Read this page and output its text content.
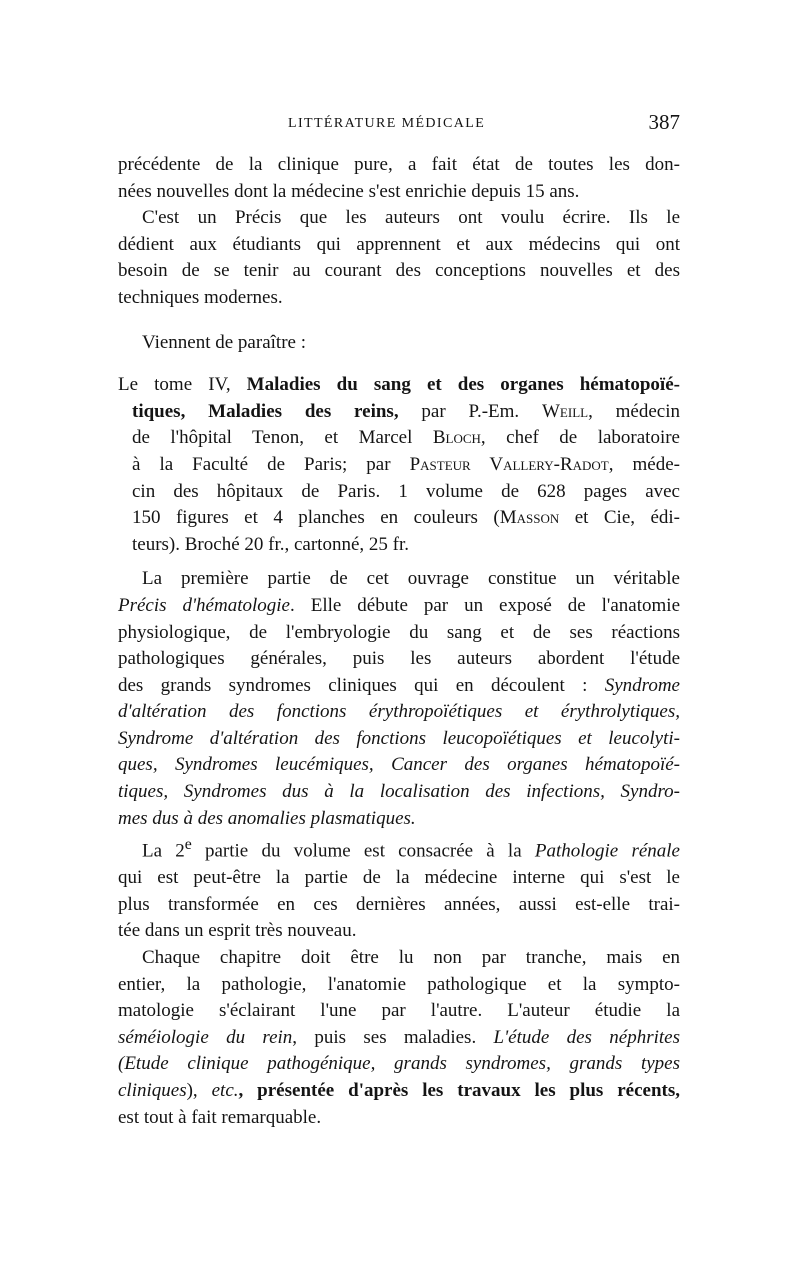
LITTÉRATURE MÉDICALE	387
précédente de la clinique pure, a fait état de toutes les don-
nées nouvelles dont la médecine s'est enrichie depuis 15 ans.
C'est un Précis que les auteurs ont voulu écrire. Ils le
dédient aux étudiants qui apprennent et aux médecins qui ont
besoin de se tenir au courant des conceptions nouvelles et des
techniques modernes.
Viennent de paraître :
Le tome IV, Maladies du sang et des organes hématopoïé-
tiques, Maladies des reins, par P.-Em. Weill, médecin
de l'hôpital Tenon, et Marcel Bloch, chef de laboratoire
à la Faculté de Paris; par Pasteur Vallery-Radot, méde-
cin des hôpitaux de Paris. 1 volume de 628 pages avec
150 figures et 4 planches en couleurs (Masson et Cie, édi-
teurs). Broché 20 fr., cartonné, 25 fr.
La première partie de cet ouvrage constitue un véritable
Précis d'hématologie. Elle débute par un exposé de l'anatomie
physiologique, de l'embryologie du sang et de ses réactions
pathologiques générales, puis les auteurs abordent l'étude
des grands syndromes cliniques qui en découlent : Syndrome
d'altération des fonctions érythropoïétiques et érythrolytiques,
Syndrome d'altération des fonctions leucopoïétiques et leucolyti-
ques, Syndromes leucémiques, Cancer des organes hématopoïé-
tiques, Syndromes dus à la localisation des infections, Syndro-
mes dus à des anomalies plasmatiques.
La 2e partie du volume est consacrée à la Pathologie rénale
qui est peut-être la partie de la médecine interne qui s'est le
plus transformée en ces dernières années, aussi est-elle trai-
tée dans un esprit très nouveau.
Chaque chapitre doit être lu non par tranche, mais en
entier, la pathologie, l'anatomie pathologique et la sympto-
matologie s'éclairant l'une par l'autre. L'auteur étudie la
séméiologie du rein, puis ses maladies. L'étude des néphrites
(Etude clinique pathogénique, grands syndromes, grands types
cliniques), etc., présentée d'après les travaux les plus récents,
est tout à fait remarquable.
